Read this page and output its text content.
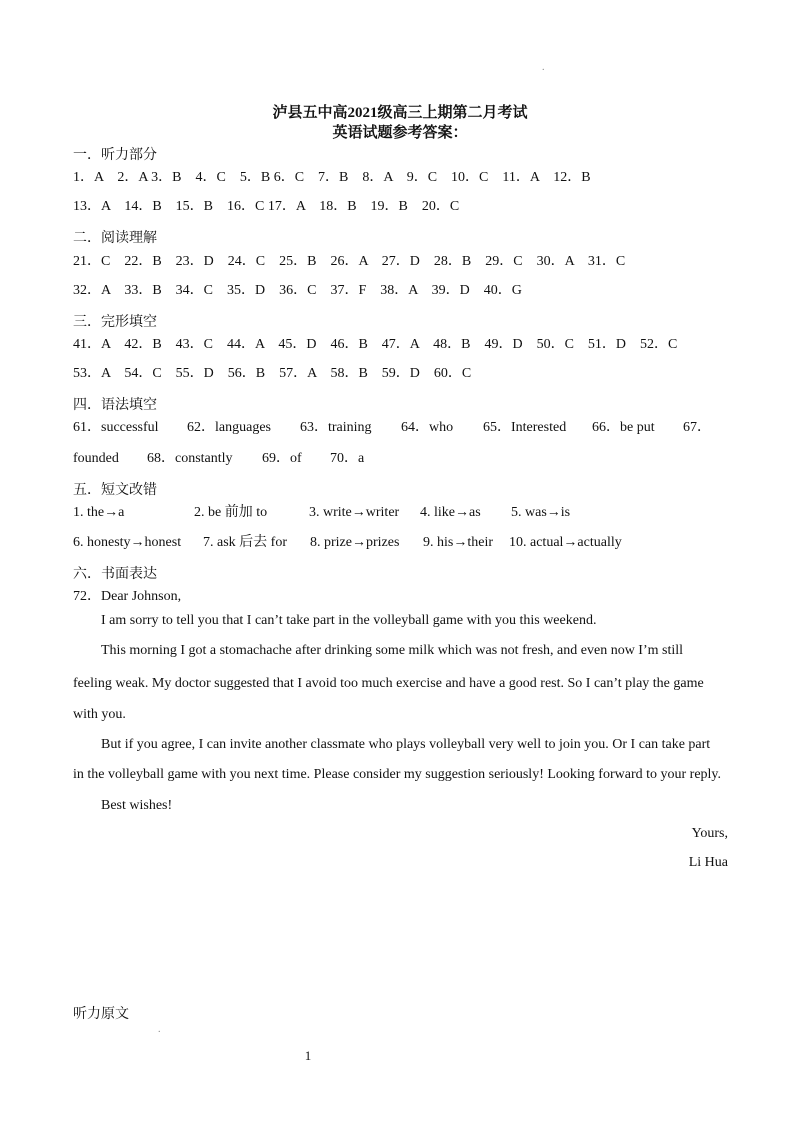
.
泸县五中高2021级高三上期第二月考试
英语试题参考答案：
一．听力部分
1．A　2．A 3．B　4．C　5．B 6．C　7．B　8．A　9．C　10．C　11．A　12．B
13．A　14．B　15．B　16．C 17．A　18．B　19．B　20．C
二．阅读理解
21．C　22．B　23．D　24．C　25．B　26．A　27．D　28．B　29．C　30．A　31．C
32．A　33．B　34．C　35．D　36．C　37．F　38．A　39．D　40．G
三．完形填空
41．A　42．B　43．C　44．A　45．D　46．B　47．A　48．B　49．D　50．C　51．D　52．C
53．A　54．C　55．D　56．B　57．A　58．B　59．D　60．C
四．语法填空
61．successful 62．languages 63．training 64．who 65．Interested 66．be put 67．
founded 68．constantly 69．of 70．a
五．短文改错
1. the→a	2. be 前加 to	3. write→writer 4. like→as 5. was→is
6. honesty→honest 7. ask 后去 for 8. prize→prizes 9. his→their 10. actual→actually
六．书面表达
72．Dear Johnson,
I am sorry to tell you that I can’t take part in the volleyball game with you this weekend.
This morning I got a stomachache after drinking some milk which was not fresh, and even now I’m still
feeling weak. My doctor suggested that I avoid too much exercise and have a good rest. So I can’t play the game
with you.
But if you agree, I can invite another classmate who plays volleyball very well to join you. Or I can take part
in the volleyball game with you next time. Please consider my suggestion seriously! Looking forward to your reply.
Best wishes!
Yours,
Li Hua
听力原文
.
1
